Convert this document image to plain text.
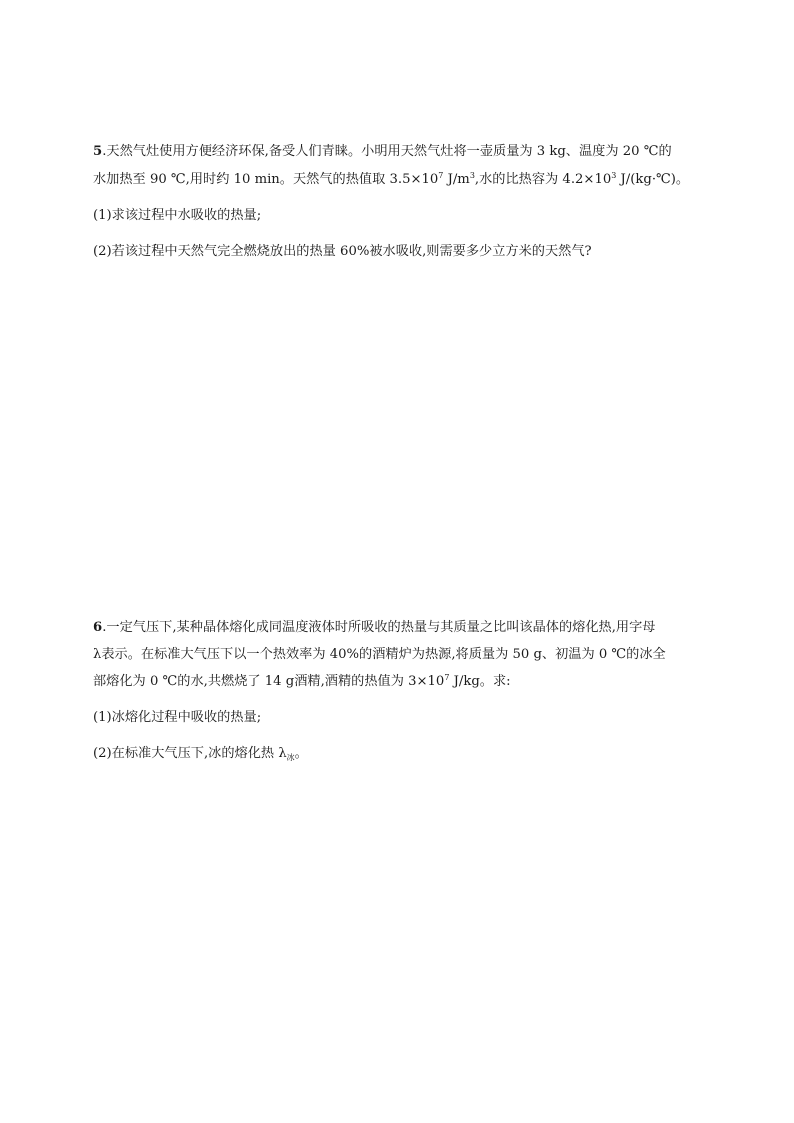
5.天然气灶使用方便经济环保,备受人们青睐。小明用天然气灶将一壶质量为 3 kg、温度为 20 ℃的
水加热至 90 ℃,用时约 10 min。天然气的热值取 $3.5\times 10^7$ $J/m^3$,水的比热容为 $4.2\times 10^3$ J/(kg·℃)。
(1)求该过程中水吸收的热量;
(2)若该过程中天然气完全燃烧放出的热量 60%被水吸收,则需要多少立方米的天然气?
6.一定气压下,某种晶体熔化成同温度液体时所吸收的热量与其质量之比叫该晶体的熔化热,用字母
λ表示。在标准大气压下以一个热效率为 40%的酒精炉为热源,将质量为 50 g、初温为 0 ℃的冰全
部熔化为 0 ℃的水,共燃烧了 14 g酒精,酒精的热值为 $3\times 10^7$ J/kg。求:
(1)冰熔化过程中吸收的热量;
(2)在标准大气压下,冰的熔化热 $\lambda_冰$。
